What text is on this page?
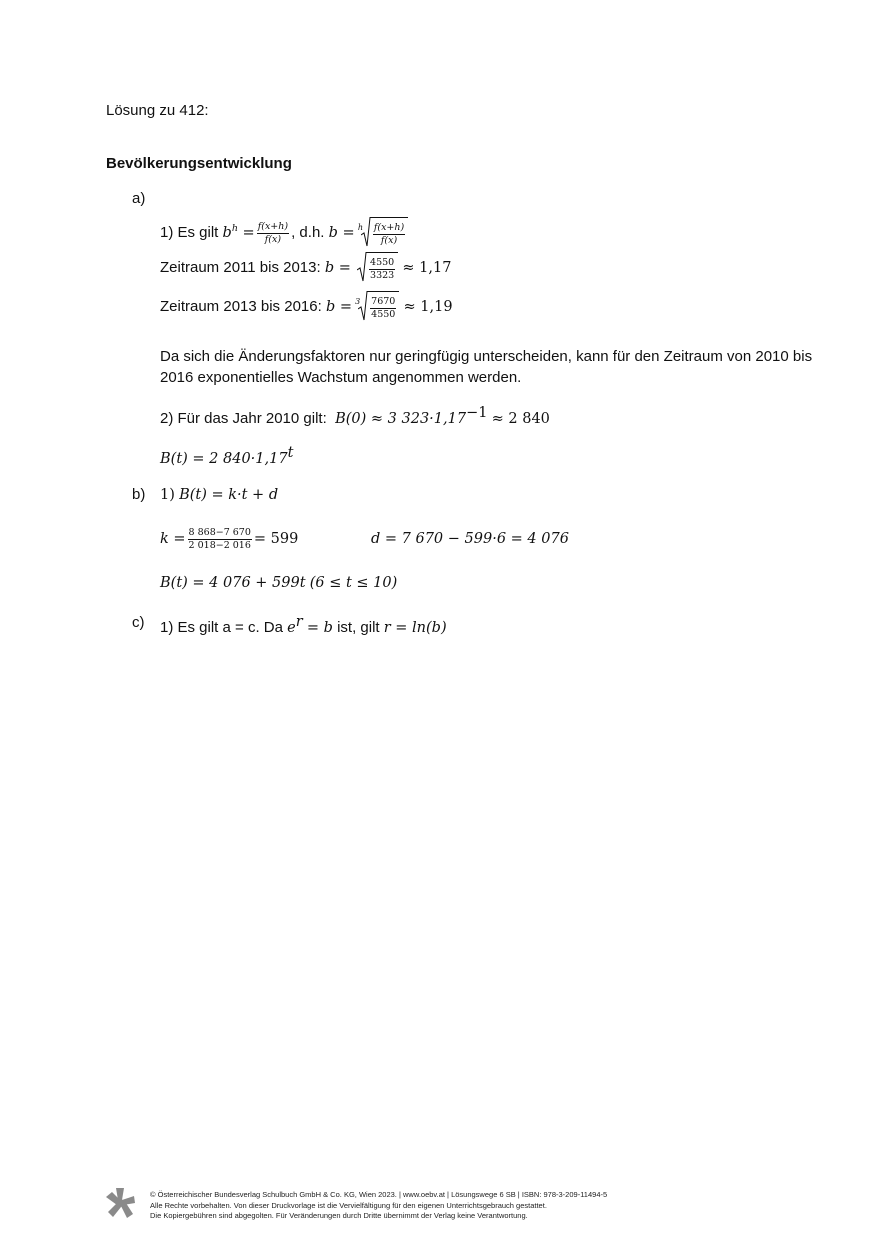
Lösung zu 412:
Bevölkerungsentwicklung
a)
1) Es gilt $b^h = \frac{f(x+h)}{f(x)}$ , d.h. b = h $\frac{f(x+h)}{f(x)}$
Zeitraum 2011 bis 2013: $b = \frac{4550}{3323} \approx 1,17$
Zeitraum 2013 bis 2016: $b = 3 \frac{7670}{4550} \approx 1,19$
Da sich die Änderungsfaktoren nur geringfügig unterscheiden, kann für den Zeitraum von 2010 bis
2016 exponentielles Wachstum angenommen werden.
2) Für das Jahr 2010 gilt: B(0) ≈ 3 $323\cdot 1,17^{-1} \approx 2$ 840
B(t) = 2 $840\cdot 1,17^t$
b) 1) B(t) = k·t + d
$k = \frac{8 868-7 670}{2 018-2 016} = 599$	d = 7 670 − 599·6 = 4 076
B(t) = 4 076 + 599t (6 ≤ t ≤ 10)
c) 1) Es gilt a = c. Da $e^r = b$ ist, gilt r = ln(b)
© Österreichischer Bundesverlag Schulbuch GmbH & Co. KG, Wien 2023. | www.oebv.at | Lösungswege 6 SB | ISBN: 978-3-209-11494-5
Alle Rechte vorbehalten. Von dieser Druckvorlage ist die Vervielfältigung für den eigenen Unterrichtsgebrauch gestattet.
Die Kopiergebühren sind abgegolten. Für Veränderungen durch Dritte übernimmt der Verlag keine Verantwortung.
